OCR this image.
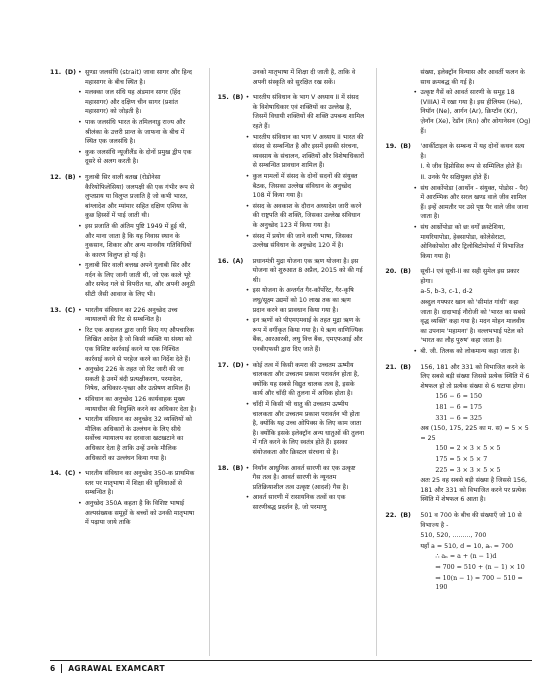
11. (D) • सुण्डा जलसंधि (strait) जावा सागर और हिन्द महासागर के बीच स्थित है।
• मलक्का जल संधि यह अंडमान सागर (हिंद महासागर) और दक्षिण चीन सागर (प्रशांत महासागर) को जोड़ती है।
• पाक जलसंधि भारत के तमिलनाडु राज्य और श्रीलंका के उत्तरी प्रान्त के जाफना के बीच में स्थित एक जलसंधि है।
• कुक जलसंधि न्यूजीलैंड के दोनों प्रमुख द्वीप एक दूसरे से अलग करती है।
12. (B) • गुलाबी सिर वाली बतख (रोडोनेसा कैरियोफिलेसिया) जलपक्षी की एक गंभीर रूप से लुप्तप्राय या विलुप्त प्रजाति है जो कभी भारत, बांग्लादेश और म्यांमार सहित दक्षिण एशिया के कुछ हिस्सों में पाई जाती थी।
• इस प्रजाति की अंतिम पुष्टि 1949 में हुई थी, और माना जाता है कि यह निवास स्थान के नुकसान, शिकार और अन्य मानवीय गतिविधियों के कारण विलुप्त हो गई है।
• गुलाबी सिर वाली बत्तख अपने गुलाबी सिर और गर्दन के लिए जानी जाती थी, जो एक काले भूरे और सफेद गले से विपरीत था, और अपनी अनूठी सीटी जैसी आवाज के लिए भी।
13. (C) • भारतीय संविधान का 226 अनुच्छेद उच्च न्यायालयों की रिट से सम्बन्धित है।
• रिट एक अदालत द्वारा जारी किए गए औपचारिक लिखित आदेश है जो किसी व्यक्ति या संस्था को एक विशिष्ट कार्रवाई करने या एक निश्चित कार्रवाई करने से परहेज करने का निर्देश देते हैं।
• अनुच्छेद 226 के तहत जो रिट जारी की जा सकती है उनमें बंदी प्रत्यक्षीकरण, परमादेश, निषेध, अधिकार-पृच्छा और उत्प्रेषण शामिल हैं।
• संविधान का अनुच्छेद 126 कार्यवाहक मुख्य न्यायाधीश की नियुक्ति करने का अधिकार देता है।
• भारतीय संविधान का अनुच्छेद 32 व्यक्तियों को मौलिक अधिकारों के उल्लंघन के लिए सीधे सर्वोच्च न्यायालय का दरवाजा खटखटाने का अधिकार देता है ताकि उन्हें उनके मौलिक अधिकारों का उल्लंघन किया गया है।
14. (C) • भारतीय संविधान का अनुच्छेद 350-क प्राथमिक स्तर पर मातृभाषा में शिक्षा की सुविधाओं से सम्बन्धित है।
• अनुच्छेद 350A कहता है कि विशिष्ट भाषाई अल्पसंख्यक समूहों के बच्चों को उनकी मातृभाषा में पढ़ाया जाये ताकि
उनको मातृभाषा में शिक्षा दी जाती है, ताकि वे अपनी संस्कृति को सुरक्षित रख सकें।
15. (B) • भारतीय संविधान के भाग V अध्याय II में संसद के विशेषाधिकार एवं शक्तियों का उल्लेख है, जिसमें विधायी शक्तियों की शक्ति उपबन्ध शामिल रहते हैं।
• भारतीय संविधान का भाग V अध्याय II भारत की संसद से सम्बन्धित है और इसमें इसकी संरचना, व्यवसाय के संचालन, शक्तियों और विशेषाधिकारों से सम्बन्धित प्रावधान शामिल हैं।
• कुल मामलों में संसद के दोनों सदनों की संयुक्त बैठक, जिसका उल्लेख संविधान के अनुच्छेद 108 में किया गया है।
• संसद के अवकाश के दौरान अध्यादेश जारी करने की राष्ट्रपति की शक्ति, जिसका उल्लेख संविधान के अनुच्छेद 123 में किया गया है।
• संसद में प्रयोग की जाने वाली भाषा, जिसका उल्लेख संविधान के अनुच्छेद 120 में है।
16. (A)	प्रधानमंत्री मुद्रा योजना एक ऋण योजना है। इस योजना को शुरुआत 8 अप्रैल, 2015 को की गई थी।
• इस योजना के अन्तर्गत गैर-कॉर्पोरेट, गैर-कृषि लघु/सूक्ष्म उद्यमों को 10 लाख तक का ऋण प्रदान करने का प्रावधान किया गया है।
• इन ऋणों को पीएमएमवाई के तहत मुद्रा ऋण के रूप में वर्गीकृत किया गया है। ये ऋण वाणिज्यिक बैंक, आरआरबी, लघु वित्त बैंक, एमएफआई और एनबीएफसी द्वारा दिए जाते हैं।
17. (D) • कोई तत्व में किसी कमरा की उच्चतम ऊष्मीय चालकता और उच्चतम प्रकाश परावर्तन होता है, क्योंकि यह सबसे विद्युत चालक तत्व है, इसके कार्य और चाँदी की तुलना में अधिक होता है।
• चाँदी में किसी भी धातु की उच्चतम ऊष्मीय चालकता और उच्चतम प्रकाश परावर्तन भी होता है, क्योंकि यह उच्च ओपिक्स के लिए काम जाता है। क्योंकि इसके इलेक्ट्रॉन अन्य धातुओं की तुलना में गति करने के लिए स्वतंत्र होते हैं। इसका संयोजकता और क्रिस्टल संरचना से है।
18. (B) • नियॉन आधुनिक आवर्त सारणी का एक उत्कृष्ट गैस तत्व है। आवर्त सारणी के न्यूनतम प्रतिक्रियाशील तत्व उत्कृष्ट (आदर्श) गैस है।
• आवर्त सारणी में रासायनिक तत्वों का एक सारणीबद्ध प्रदर्शन है, जो परमाणु
संख्या, इलेक्ट्रॉन विन्यास और आवर्ती फलन के साथ क्रमबद्ध की गई है।
• उत्कृष्ट गैसें को आवर्त सारणी के समूह 18 (VIIIA) में रखा गया है। इस हीलियम (He), नियॉन (Ne), आर्गन (Ar), क्रिप्टॉन (Kr), ज़ेनॉन (Xe), रेडॉन (Rn) और ओगानेसन (Og) हैं।
19. (B)	'आर्कीटाइल के सम्बन्ध में यह दोनों कथन सत्य है।
I. ये जीव हिप्नोसिस रूप से सम्मिलित होते हैं।
II. उनके पैर सक्षियुक्त होते हैं।
• संघ आर्कोपोडा (आर्थोन - संयुक्त, पोडोस - पैर) में आरम्भिक और सरल खण्ड वाले जीव शामिल हैं। इन्हें आमतौर पर उसे पृष्ठ पैर वाले जीव जाना जाता है।
• संघ आर्थ्रोपोडा को छः वर्गों क्रस्टेशिया, मायरियापोडा, हेक्सापोडा, कोलेसेराटा, ओनिकोफोरा और ट्रिलोबिटोमोर्फा में विभाजित किया गया है।
20. (B)	सूची-I एवं सूची-II का सही सुमेल इस प्रकार होगा।
a-5, b-3, c-1, d-2
अब्दुल गफ्फार खान को 'सीमांत गांधी' कहा जाता है। दादाभाई नौरोजी को 'भारत का सबसे वृद्ध व्यक्ति' कहा गया है। मदन मोहन मालवीय का उपनाम 'महामना' है। वल्लभभाई पटेल को 'भारत का लौह पुरुष' कहा जाता है।
• बी. जी. तिलक को लोकमान्य कहा जाता है।
21. (B)	156, 181 और 331 को विभाजित करने के लिए सबसे बड़ी संख्या जिससे प्रत्येक स्थिति में 6 शेषफल हो तो प्रत्येक संख्या से 6 घटाया होगा।
156 − 6 = 150
181 − 6 = 175
331 − 6 = 325
अब (150, 175, 225 का म. स) = 5 × 5 = 25
150 = 2 × 3 × 5 × 5
175 = 5 × 5 × 7
225 = 3 × 3 × 5 × 5
अतः 25 वह सबसे बड़ी संख्या है जिससे 156, 181 और 331 को विभाजित करने पर प्रत्येक स्थिति में शेषफल 6 आता है।
22. (B)	501 व 700 के बीच की संख्याएँ जो 10 से विभाज्य है -
510, 520, ........., 700
यहाँ a = 510, d = 10, aₙ = 700
∴ aₙ = a + (n − 1)d
⇒ 700 = 510 + (n − 1) × 10
⇒ 10(n − 1) = 700 − 510 = 190
6 AGRAWAL EXAMCART
